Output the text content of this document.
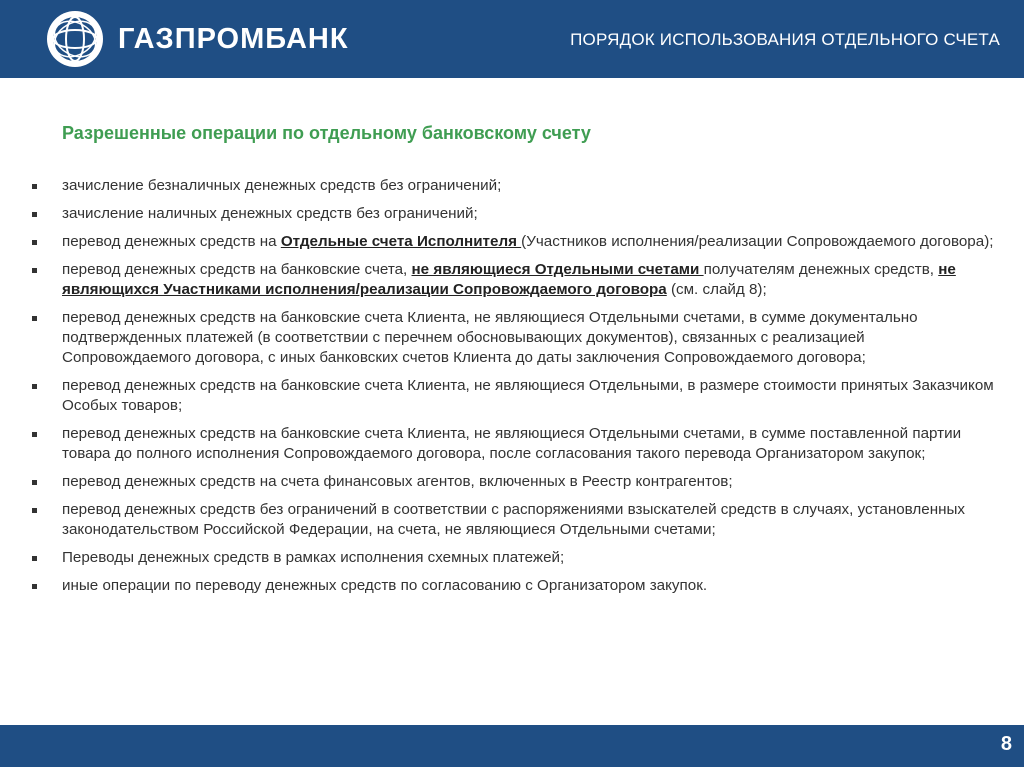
ГАЗПРОМБАНК	ПОРЯДОК ИСПОЛЬЗОВАНИЯ ОТДЕЛЬНОГО СЧЕТА
Разрешенные операции по отдельному банковскому счету
зачисление безналичных денежных средств без ограничений;
зачисление наличных денежных средств без ограничений;
перевод денежных средств на Отдельные счета Исполнителя (Участников исполнения/реализации Сопровождаемого договора);
перевод денежных средств на банковские счета, не являющиеся Отдельными счетами получателям денежных средств, не являющихся Участниками исполнения/реализации Сопровождаемого договора (см. слайд 8);
перевод денежных средств на банковские счета Клиента, не являющиеся Отдельными счетами, в сумме документально подтвержденных платежей (в соответствии с перечнем обосновывающих документов), связанных с реализацией Сопровождаемого договора, с иных банковских счетов Клиента до даты заключения Сопровождаемого договора;
перевод денежных средств на банковские счета Клиента, не являющиеся Отдельными, в размере стоимости принятых Заказчиком Особых товаров;
перевод денежных средств на банковские счета Клиента, не являющиеся Отдельными счетами, в сумме поставленной партии товара до полного исполнения Сопровождаемого договора, после согласования такого перевода Организатором закупок;
перевод денежных средств на счета финансовых агентов, включенных в Реестр контрагентов;
перевод денежных средств без ограничений в соответствии с распоряжениями взыскателей средств в случаях, установленных законодательством Российской Федерации, на счета, не являющиеся Отдельными счетами;
Переводы денежных средств в рамках исполнения схемных платежей;
иные операции по переводу денежных средств по согласованию с Организатором закупок.
8
